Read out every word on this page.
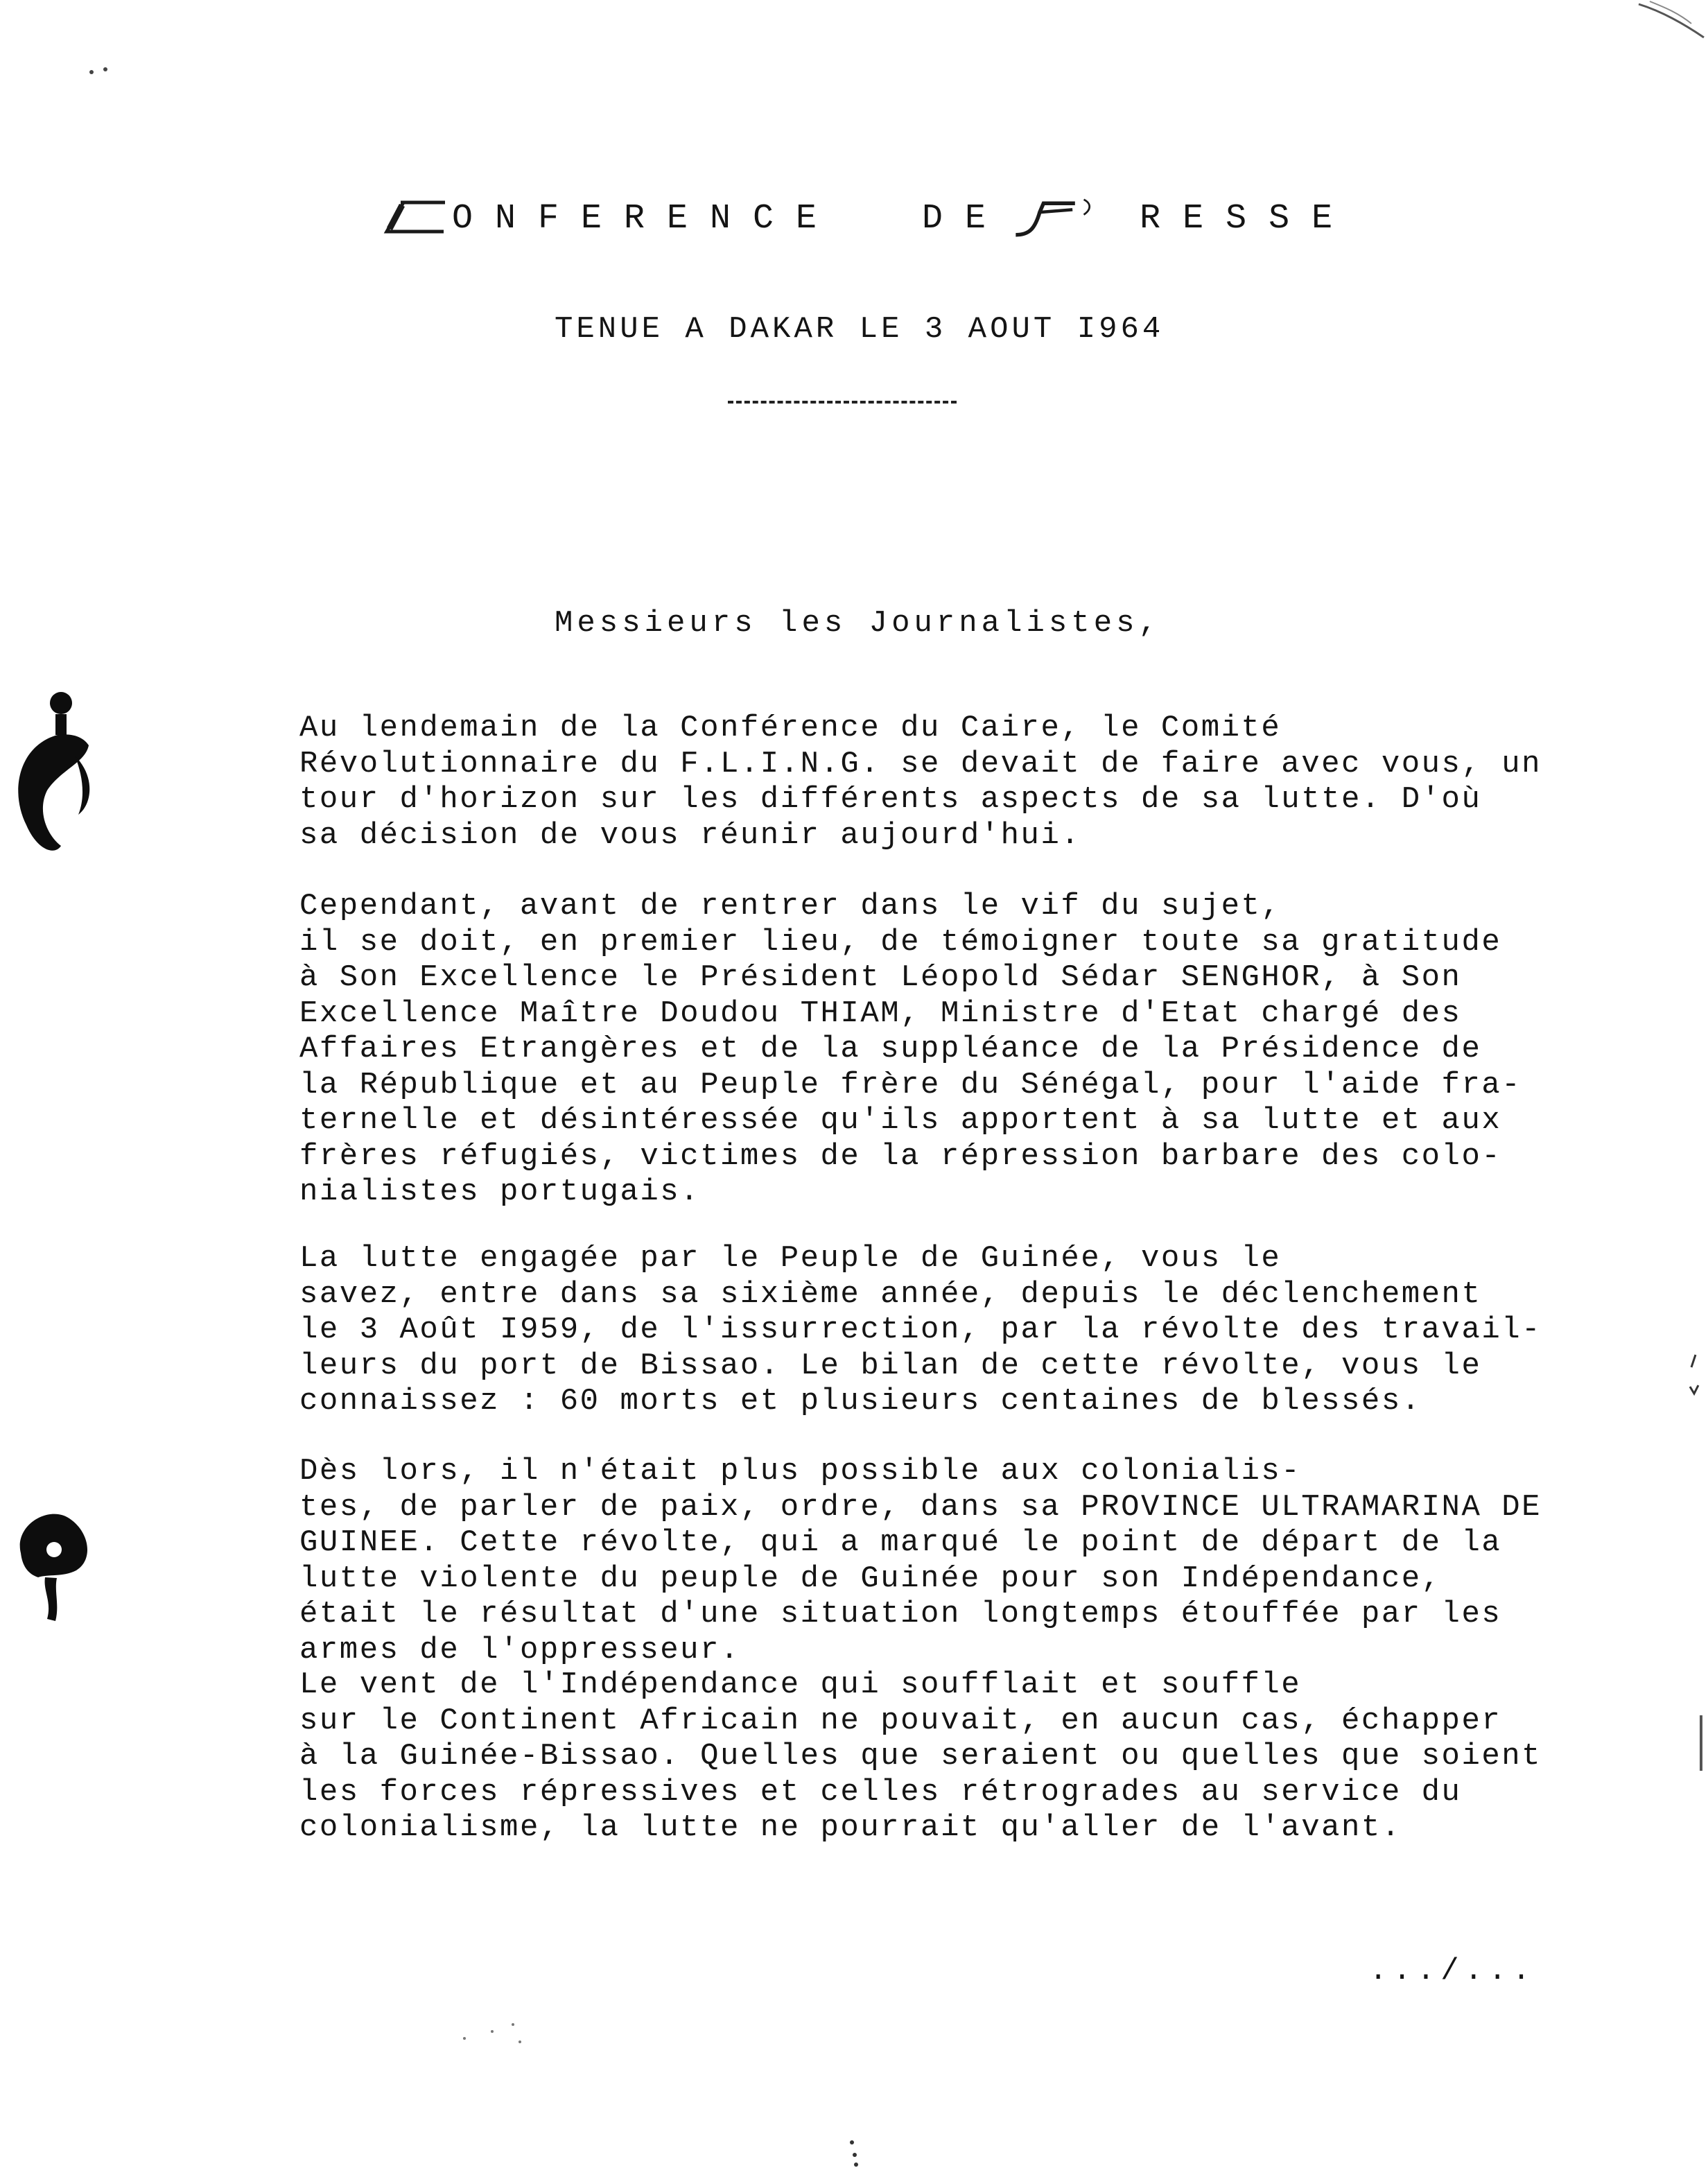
ONFERENCE DE	RESSE
TENUE A DAKAR LE 3 AOUT I964
Messieurs les Journalistes,

Au lendemain de la Conférence du Caire, le Comité
Révolutionnaire du F.L.I.N.G. se devait de faire avec vous, un
tour d'horizon sur les différents aspects de sa lutte. D'où
sa décision de vous réunir aujourd'hui.

Cependant, avant de rentrer dans le vif du sujet,
il se doit, en premier lieu, de témoigner toute sa gratitude
à Son Excellence le Président Léopold Sédar SENGHOR, à Son
Excellence Maître Doudou THIAM, Ministre d'Etat chargé des
Affaires Etrangères et de la suppléance de la Présidence de
la République et au Peuple frère du Sénégal, pour l'aide fra-
ternelle et désintéressée qu'ils apportent à sa lutte et aux
frères réfugiés, victimes de la répression barbare des colo-
nialistes portugais.

La lutte engagée par le Peuple de Guinée, vous le
savez, entre dans sa sixième année, depuis le déclenchement
le 3 Août I959, de l'issurrection, par la révolte des travail-
leurs du port de Bissao. Le bilan de cette révolte, vous le
connaissez : 60 morts et plusieurs centaines de blessés.

Dès lors, il n'était plus possible aux colonialis-
tes, de parler de paix, ordre, dans sa PROVINCE ULTRAMARINA DE
GUINEE. Cette révolte, qui a marqué le point de départ de la
lutte violente du peuple de Guinée pour son Indépendance,
était le résultat d'une situation longtemps étouffée par les
armes de l'oppresseur.

Le vent de l'Indépendance qui soufflait et souffle
sur le Continent Africain ne pouvait, en aucun cas, échapper
à la Guinée-Bissao. Quelles que seraient ou quelles que soient
les forces répressives et celles rétrogrades au service du
colonialisme, la lutte ne pourrait qu'aller de l'avant.

.../...
